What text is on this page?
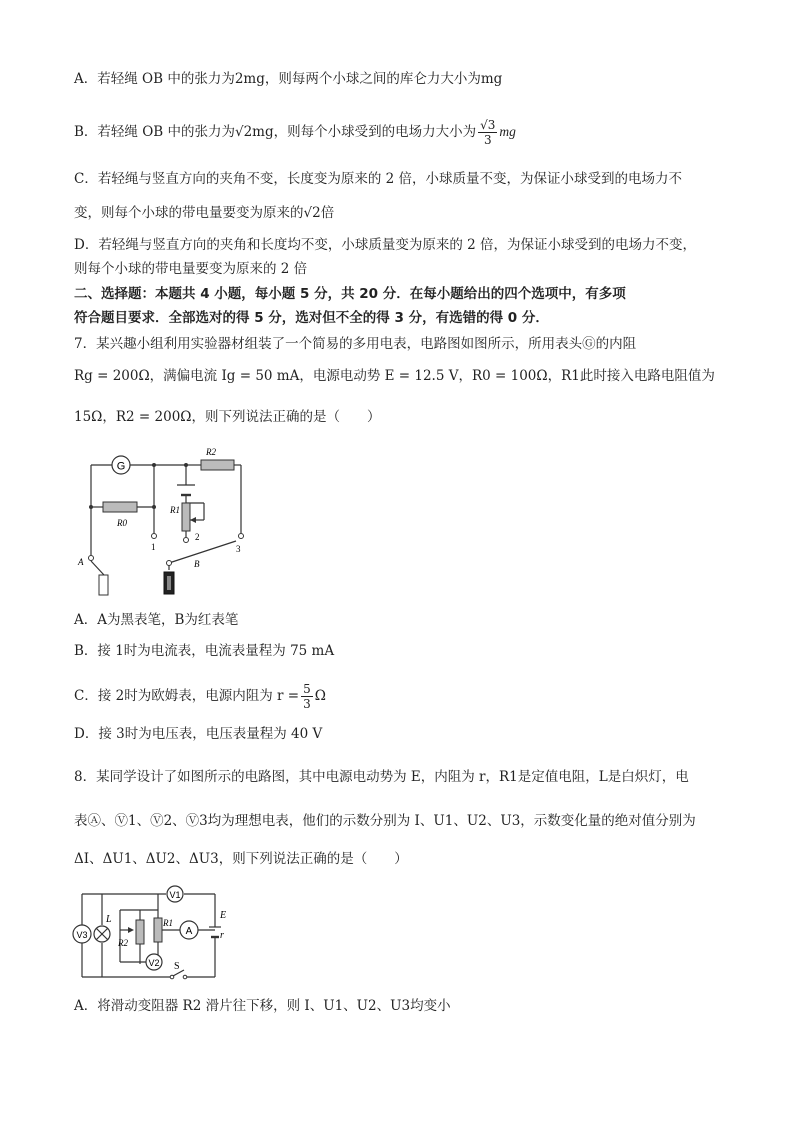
A．若轻绳 OB 中的张力为2mg，则每两个小球之间的库仑力大小为mg
B．若轻绳 OB 中的张力为√2mg，则每个小球受到的电场力大小为 $\frac{√3}{3}$ mg
C．若轻绳与竖直方向的夹角不变，长度变为原来的 2 倍，小球质量不变，为保证小球受到的电场力不
变，则每个小球的带电量要变为原来的√2倍
D．若轻绳与竖直方向的夹角和长度均不变，小球质量变为原来的 2 倍，为保证小球受到的电场力不变，
则每个小球的带电量要变为原来的 2 倍
二、选择题：本题共 4 小题，每小题 5 分，共 20 分．在每小题给出的四个选项中，有多项
符合题目要求．全部选对的得 5 分，选对但不全的得 3 分，有选错的得 0 分．
7．某兴趣小组利用实验器材组装了一个简易的多用电表，电路图如图所示，所用表头Ⓖ的内阻
Rg = 200Ω，满偏电流 Ig = 50 mA，电源电动势 E = 12.5 V，R0 = 100Ω，R1此时接入电路电阻值为
15Ω，R2 = 200Ω，则下列说法正确的是（　　）
G
R2
R0
R1
1
2
3
A	B
A．A为黑表笔，B为红表笔
B．接 1时为电流表，电流表量程为 75 mA
C．接 2时为欧姆表，电源内阻为 $r = \frac{5}{3}$ Ω
D．接 3时为电压表，电压表量程为 40 V
8．某同学设计了如图所示的电路图，其中电源电动势为 E，内阻为 r，R1是定值电阻，L是白炽灯，电
表Ⓐ、Ⓥ1、Ⓥ2、Ⓥ3均为理想电表，他们的示数分别为 I、U1、U2、U3，示数变化量的绝对值分别为
ΔI、ΔU1、ΔU2、ΔU3，则下列说法正确的是（　　）
V1
V3
L
R2
R1
A
E
r
V2 S
A．将滑动变阻器 R2 滑片往下移，则 I、U1、U2、U3均变小
